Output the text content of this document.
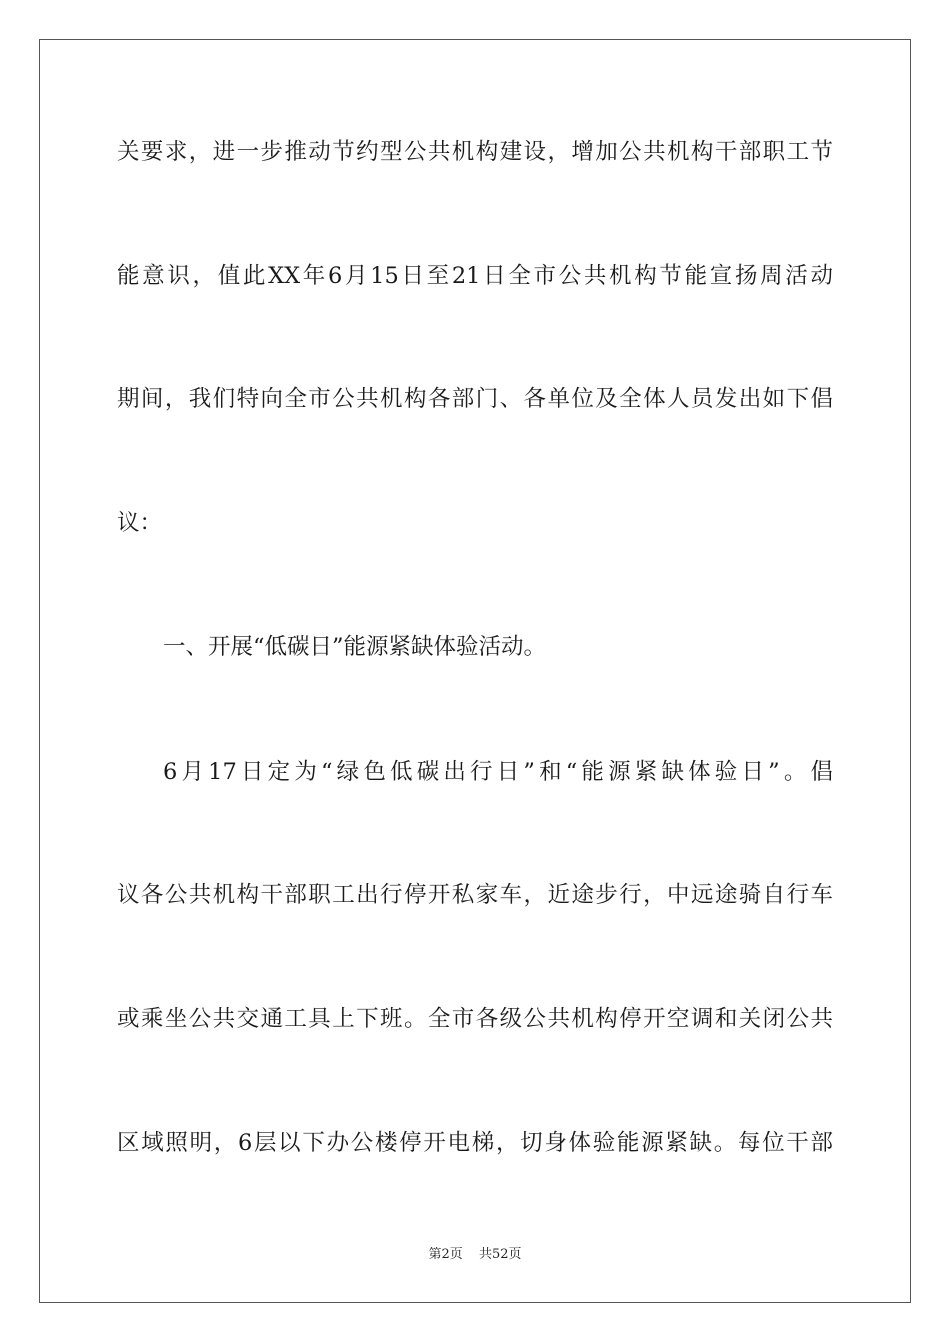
关要求，进一步推动节约型公共机构建设，增加公共机构干部职工节
能意识，值此XX年6月15日至21日全市公共机构节能宣扬周活动
期间，我们特向全市公共机构各部门、各单位及全体人员发出如下倡
议：
一、开展“低碳日”能源紧缺体验活动。
6月17日定为“绿色低碳出行日”和“能源紧缺体验日”。倡
议各公共机构干部职工出行停开私家车，近途步行，中远途骑自行车
或乘坐公共交通工具上下班。全市各级公共机构停开空调和关闭公共
区域照明，6层以下办公楼停开电梯，切身体验能源紧缺。每位干部
第2页 共52页
